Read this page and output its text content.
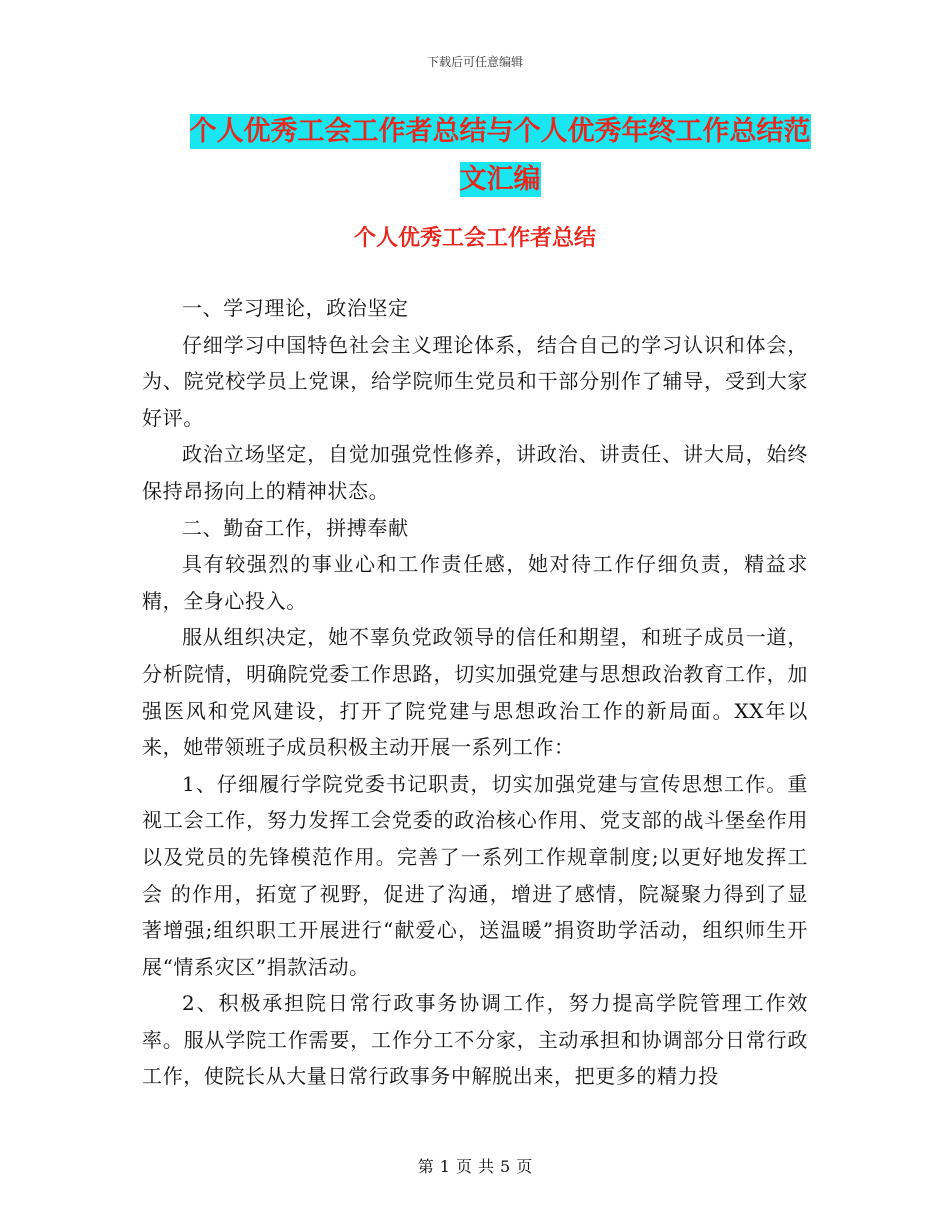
下载后可任意编辑
个人优秀工会工作者总结与个人优秀年终工作总结范
文汇编
个人优秀工会工作者总结

一、学习理论，政治坚定

仔细学习中国特色社会主义理论体系，结合自己的学习认识和体会，为、院党校学员上党课，给学院师生党员和干部分别作了辅导，受到大家好评。

政治立场坚定，自觉加强党性修养，讲政治、讲责任、讲大局，始终保持昂扬向上的精神状态。

二、勤奋工作，拼搏奉献

具有较强烈的事业心和工作责任感，她对待工作仔细负责，精益求精，全身心投入。

服从组织决定，她不辜负党政领导的信任和期望，和班子成员一道，分析院情，明确院党委工作思路，切实加强党建与思想政治教育工作，加强医风和党风建设，打开了院党建与思想政治工作的新局面。XX年以来，她带领班子成员积极主动开展一系列工作：

1、仔细履行学院党委书记职责，切实加强党建与宣传思想工作。重视工会工作，努力发挥工会党委的政治核心作用、党支部的战斗堡垒作用以及党员的先锋模范作用。完善了一系列工作规章制度;以更好地发挥工会 的作用，拓宽了视野，促进了沟通，增进了感情，院凝聚力得到了显著增强;组织职工开展进行“献爱心，送温暖”捐资助学活动，组织师生开展“情系灾区”捐款活动。

2、积极承担院日常行政事务协调工作，努力提高学院管理工作效率。服从学院工作需要，工作分工不分家，主动承担和协调部分日常行政工作，使院长从大量日常行政事务中解脱出来，把更多的精力投

第 1 页 共 5 页
